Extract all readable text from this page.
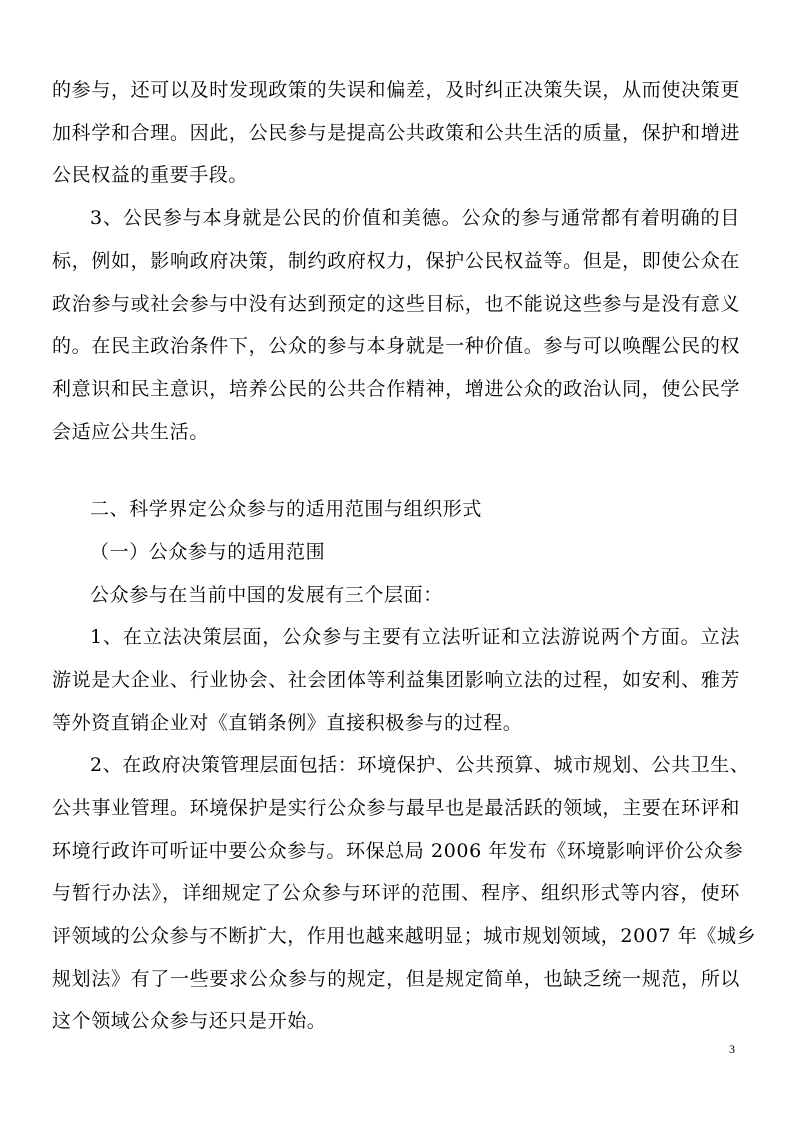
的参与，还可以及时发现政策的失误和偏差，及时纠正决策失误，从而使决策更
加科学和合理。因此，公民参与是提高公共政策和公共生活的质量，保护和增进
公民权益的重要手段。
3、公民参与本身就是公民的价值和美德。公众的参与通常都有着明确的目
标，例如，影响政府决策，制约政府权力，保护公民权益等。但是，即使公众在
政治参与或社会参与中没有达到预定的这些目标，也不能说这些参与是没有意义
的。在民主政治条件下，公众的参与本身就是一种价值。参与可以唤醒公民的权
利意识和民主意识，培养公民的公共合作精神，增进公众的政治认同，使公民学
会适应公共生活。
二、科学界定公众参与的适用范围与组织形式
（一）公众参与的适用范围
公众参与在当前中国的发展有三个层面：
1、在立法决策层面，公众参与主要有立法听证和立法游说两个方面。立法
游说是大企业、行业协会、社会团体等利益集团影响立法的过程，如安利、雅芳
等外资直销企业对《直销条例》直接积极参与的过程。
2、在政府决策管理层面包括：环境保护、公共预算、城市规划、公共卫生、
公共事业管理。环境保护是实行公众参与最早也是最活跃的领域，主要在环评和
环境行政许可听证中要公众参与。环保总局 2006 年发布《环境影响评价公众参
与暂行办法》，详细规定了公众参与环评的范围、程序、组织形式等内容，使环
评领域的公众参与不断扩大，作用也越来越明显；城市规划领域，2007 年《城乡
规划法》有了一些要求公众参与的规定，但是规定简单，也缺乏统一规范，所以
这个领域公众参与还只是开始。
3
